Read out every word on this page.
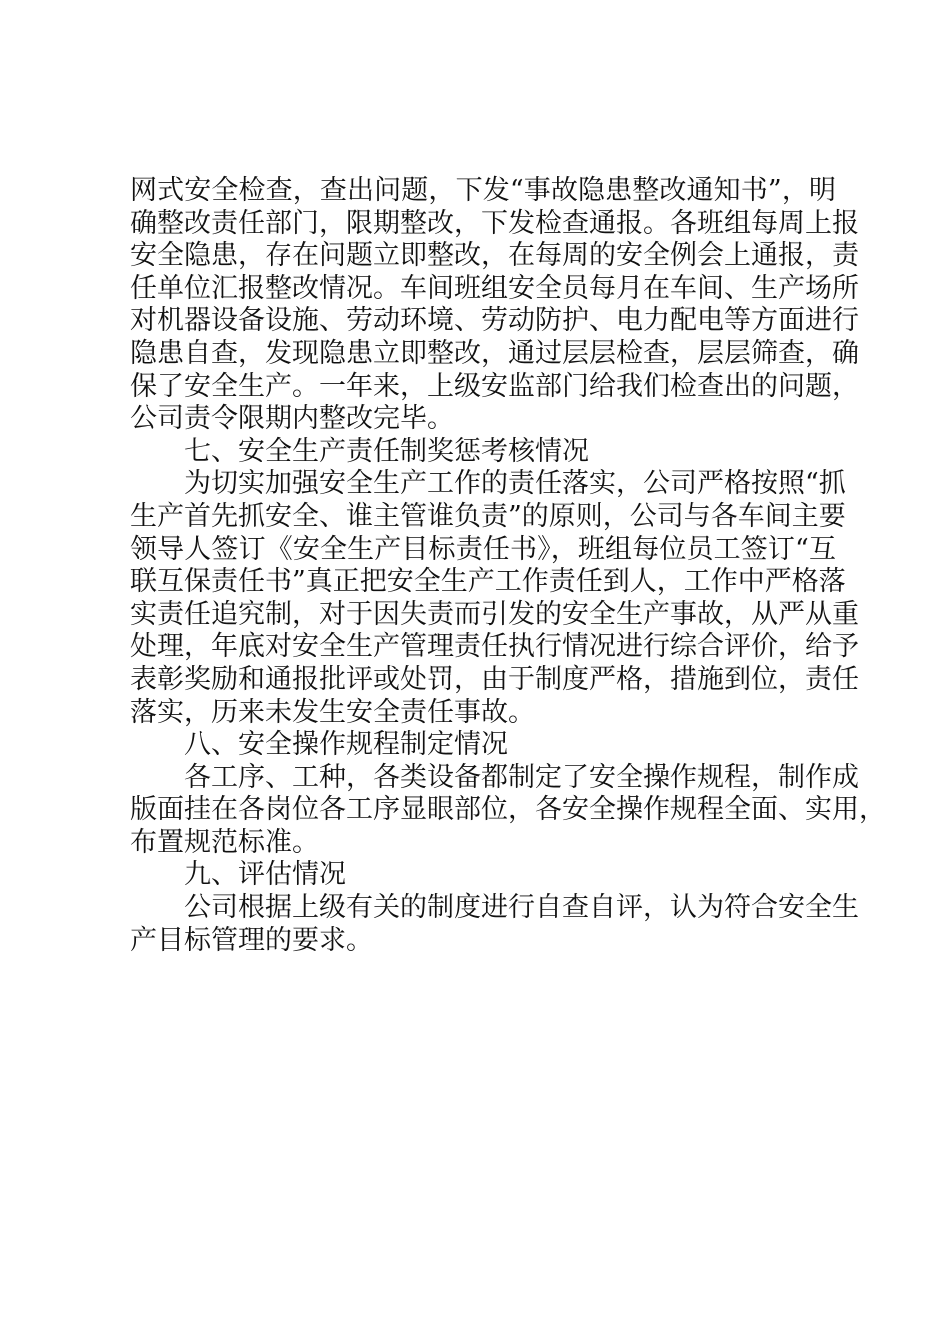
网式安全检查，查出问题，下发“事故隐患整改通知书”，明
确整改责任部门，限期整改，下发检查通报。各班组每周上报
安全隐患，存在问题立即整改，在每周的安全例会上通报，责
任单位汇报整改情况。车间班组安全员每月在车间、生产场所
对机器设备设施、劳动环境、劳动防护、电力配电等方面进行
隐患自查，发现隐患立即整改，通过层层检查，层层筛查，确
保了安全生产。一年来，上级安监部门给我们检查出的问题，
公司责令限期内整改完毕。
七、安全生产责任制奖惩考核情况
为切实加强安全生产工作的责任落实，公司严格按照“抓
生产首先抓安全、谁主管谁负责”的原则，公司与各车间主要
领导人签订《安全生产目标责任书》，班组每位员工签订“互
联互保责任书”真正把安全生产工作责任到人，工作中严格落
实责任追究制，对于因失责而引发的安全生产事故，从严从重
处理，年底对安全生产管理责任执行情况进行综合评价，给予
表彰奖励和通报批评或处罚，由于制度严格，措施到位，责任
落实，历来未发生安全责任事故。
八、安全操作规程制定情况
各工序、工种，各类设备都制定了安全操作规程，制作成
版面挂在各岗位各工序显眼部位，各安全操作规程全面、实用，
布置规范标准。
九、评估情况
公司根据上级有关的制度进行自查自评，认为符合安全生
产目标管理的要求。
